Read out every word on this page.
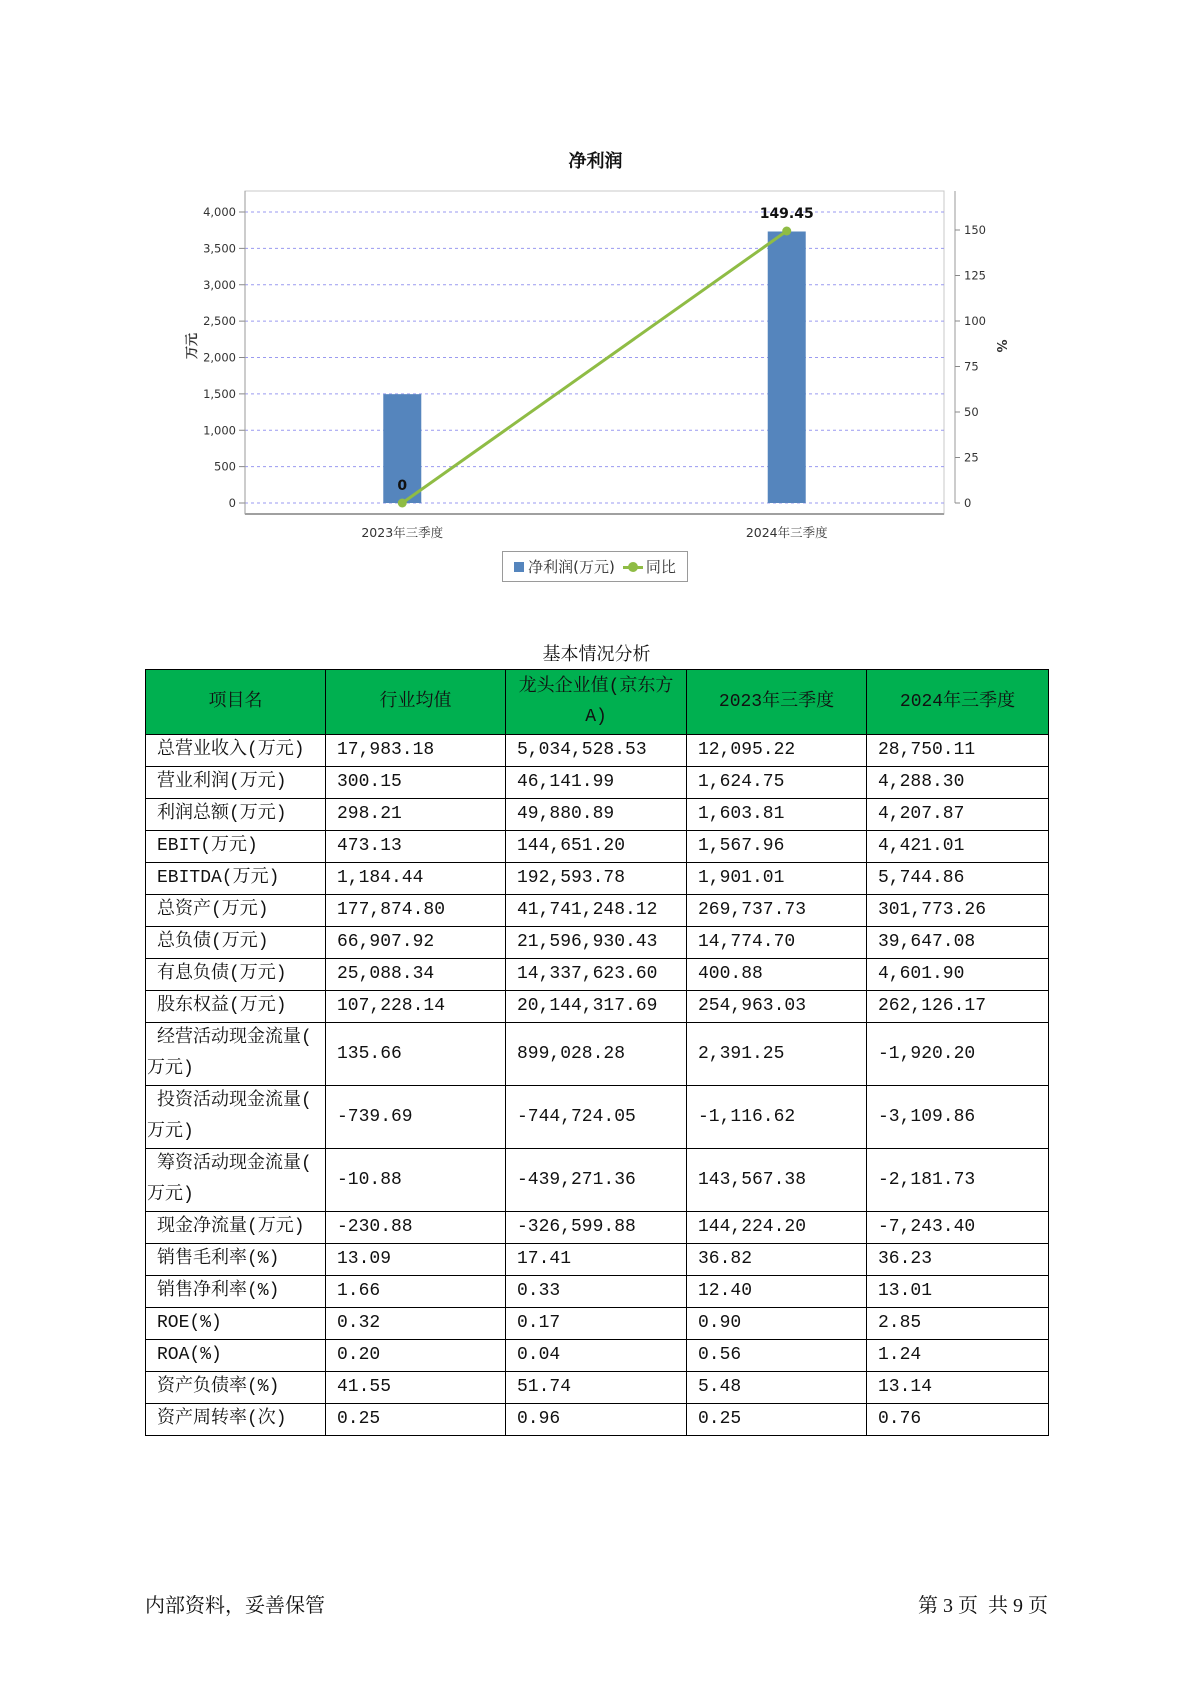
净利润
0
500
1,000
1,500
2,000
2,500
3,000
3,500
4,000
0
25
50
75
100
125
150
2023年三季度	2024年三季度
0
149.45
万元	%
净利润(万元) 同比
基本情况分析
项目名	行业均值	龙头企业值(京东方A)	2023年三季度	2024年三季度
总营业收入(万元)	17,983.18	5,034,528.53	12,095.22	28,750.11
营业利润(万元)	300.15	46,141.99	1,624.75	4,288.30
利润总额(万元)	298.21	49,880.89	1,603.81	4,207.87
EBIT(万元)	473.13	144,651.20	1,567.96	4,421.01
EBITDA(万元)	1,184.44	192,593.78	1,901.01	5,744.86
总资产(万元)	177,874.80	41,741,248.12	269,737.73	301,773.26
总负债(万元)	66,907.92	21,596,930.43	14,774.70	39,647.08
有息负债(万元)	25,088.34	14,337,623.60	400.88	4,601.90
股东权益(万元)	107,228.14	20,144,317.69	254,963.03	262,126.17
经营活动现金流量(万元)	135.66	899,028.28	2,391.25	-1,920.20
投资活动现金流量(万元)	-739.69	-744,724.05	-1,116.62	-3,109.86
筹资活动现金流量(万元)	-10.88	-439,271.36	143,567.38	-2,181.73
现金净流量(万元)	-230.88	-326,599.88	144,224.20	-7,243.40
销售毛利率(%)	13.09	17.41	36.82	36.23
销售净利率(%)	1.66	0.33	12.40	13.01
ROE(%)	0.32	0.17	0.90	2.85
ROA(%)	0.20	0.04	0.56	1.24
资产负债率(%)	41.55	51.74	5.48	13.14
资产周转率(次)	0.25	0.96	0.25	0.76
内部资料，妥善保管	第 3 页  共 9 页
